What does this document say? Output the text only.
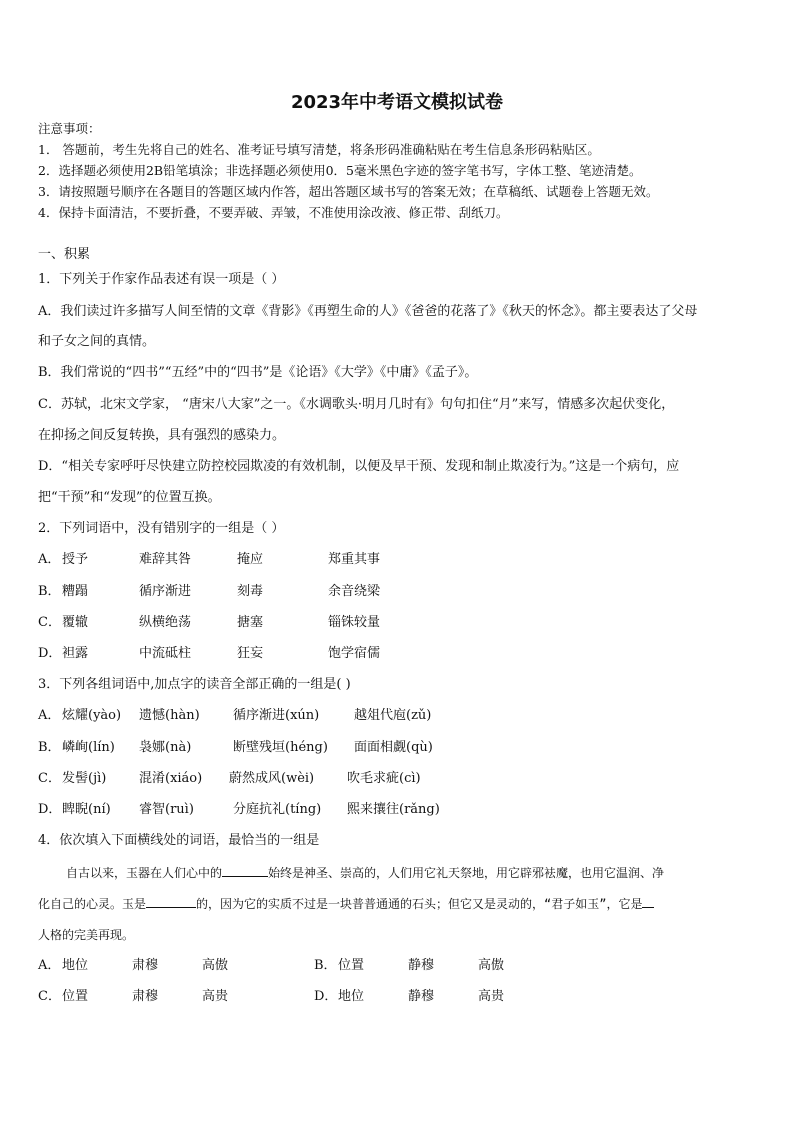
2023年中考语文模拟试卷
注意事项：
1． 答题前，考生先将自己的姓名、准考证号填写清楚，将条形码准确粘贴在考生信息条形码粘贴区。
2．选择题必须使用2B铅笔填涂；非选择题必须使用0．5毫米黑色字迹的签字笔书写，字体工整、笔迹清楚。
3．请按照题号顺序在各题目的答题区域内作答，超出答题区域书写的答案无效；在草稿纸、试题卷上答题无效。
4．保持卡面清洁，不要折叠，不要弄破、弄皱，不准使用涂改液、修正带、刮纸刀。
一、积累
1．下列关于作家作品表述有误一项是（ ）
A．我们读过许多描写人间至情的文章《背影》《再塑生命的人》《爸爸的花落了》《秋天的怀念》。都主要表达了父母
和子女之间的真情。
B．我们常说的“四书”“五经”中的“四书”是《论语》《大学》《中庸》《孟子》。
C．苏轼，北宋文学家， “唐宋八大家”之一。《水调歌头·明月几时有》句句扣住“月”来写，情感多次起伏变化，
在抑扬之间反复转换，具有强烈的感染力。
D．“相关专家呼吁尽快建立防控校园欺凌的有效机制，以便及早干预、发现和制止欺凌行为。”这是一个病句，应
把“干预”和“发现”的位置互换。
2．下列词语中，没有错别字的一组是（ ）
A． 授予	难辞其咎	掩应	郑重其事
B． 糟蹋	循序渐进	刻毒	余音绕梁
C． 覆辙	纵横绝荡	搪塞	锱铢较量
D． 袒露	中流砥柱	狂妄	饱学宿儒
3．下列各组词语中,加点字的读音全部正确的一组是( )
A． 炫耀(yào) 遗憾(hàn)	循序渐进(xún)	越俎代庖(zǔ)
B． 嶙峋(lín) 袅娜(nà)	断壁残垣(héng) 面面相觑(qù)
C． 发髻(jì)	混淆(xiáo) 蔚然成风(wèi)	吹毛求疵(cì)
D． 睥睨(ní) 睿智(ruì)	分庭抗礼(tíng) 熙来攘往(rǎng)
4．依次填入下面横线处的词语，最恰当的一组是
自古以来，玉器在人们心中的	始终是神圣、崇高的，人们用它礼天祭地，用它辟邪袪魔，也用它温润、净
化自己的心灵。玉是	的，因为它的实质不过是一块普普通通的石头；但它又是灵动的，“君子如玉”，它是
人格的完美再现。
A． 地位	肃穆	高傲	B． 位置	静穆	高傲
C． 位置	肃穆	高贵	D． 地位	静穆	高贵
